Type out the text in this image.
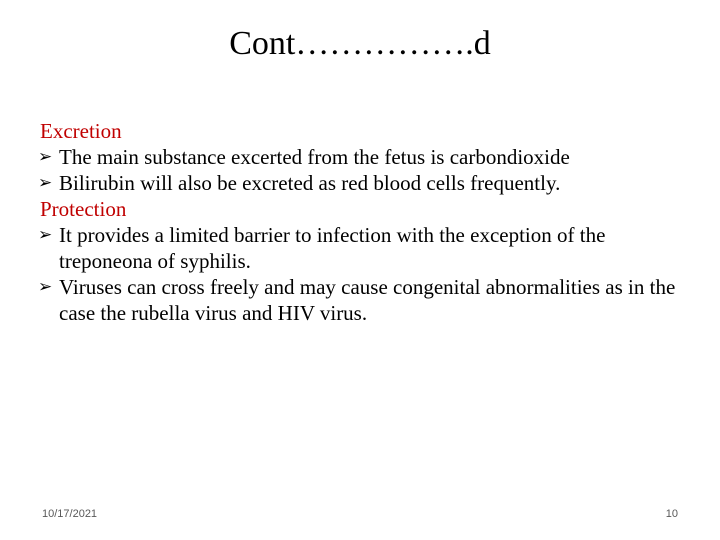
Cont…………….d
Excretion
➢ The main substance excerted from the fetus is carbondioxide
➢ Bilirubin will also be excreted as red blood cells frequently.
Protection
➢ It provides a limited barrier to infection with the exception of the treponeona of syphilis.
➢ Viruses can cross freely and may cause congenital abnormalities as in the case the rubella virus and HIV virus.
10/17/2021	10
